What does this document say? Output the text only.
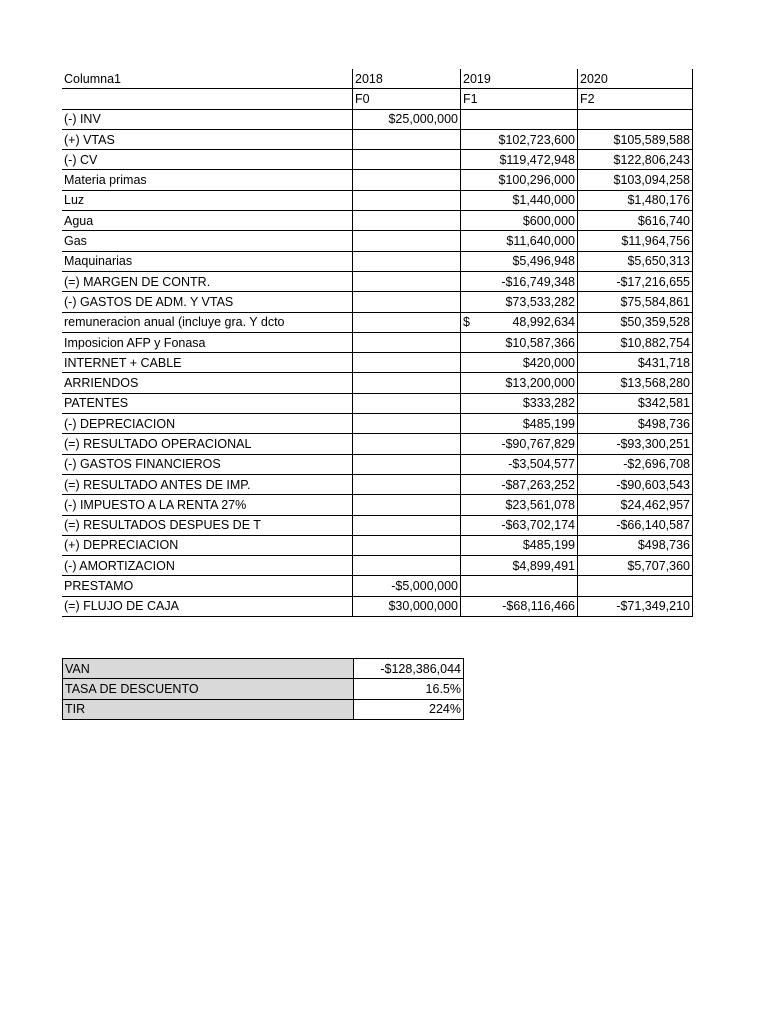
Columna1	2018	2019	2020
	F0	F1	F2
(-) INV	$25,000,000		
(+) VTAS		$102,723,600	$105,589,588
(-) CV		$119,472,948	$122,806,243
Materia primas		$100,296,000	$103,094,258
Luz		$1,440,000	$1,480,176
Agua		$600,000	$616,740
Gas		$11,640,000	$11,964,756
Maquinarias		$5,496,948	$5,650,313
(=) MARGEN DE CONTR.		-$16,749,348	-$17,216,655
(-) GASTOS DE ADM. Y VTAS		$73,533,282	$75,584,861
remuneracion anual (incluye gra. Y dcto		$ 48,992,634	$50,359,528
Imposicion AFP y Fonasa		$10,587,366	$10,882,754
INTERNET + CABLE		$420,000	$431,718
ARRIENDOS		$13,200,000	$13,568,280
PATENTES		$333,282	$342,581
(-) DEPRECIACION		$485,199	$498,736
(=) RESULTADO OPERACIONAL		-$90,767,829	-$93,300,251
(-) GASTOS FINANCIEROS		-$3,504,577	-$2,696,708
(=) RESULTADO ANTES DE IMP.		-$87,263,252	-$90,603,543
(-) IMPUESTO A LA RENTA 27%		$23,561,078	$24,462,957
(=) RESULTADOS DESPUES DE T		-$63,702,174	-$66,140,587
(+) DEPRECIACION		$485,199	$498,736
(-) AMORTIZACION		$4,899,491	$5,707,360
PRESTAMO	-$5,000,000		
(=) FLUJO DE CAJA	$30,000,000	-$68,116,466	-$71,349,210
VAN	-$128,386,044
TASA DE DESCUENTO	16.5%
TIR	224%
